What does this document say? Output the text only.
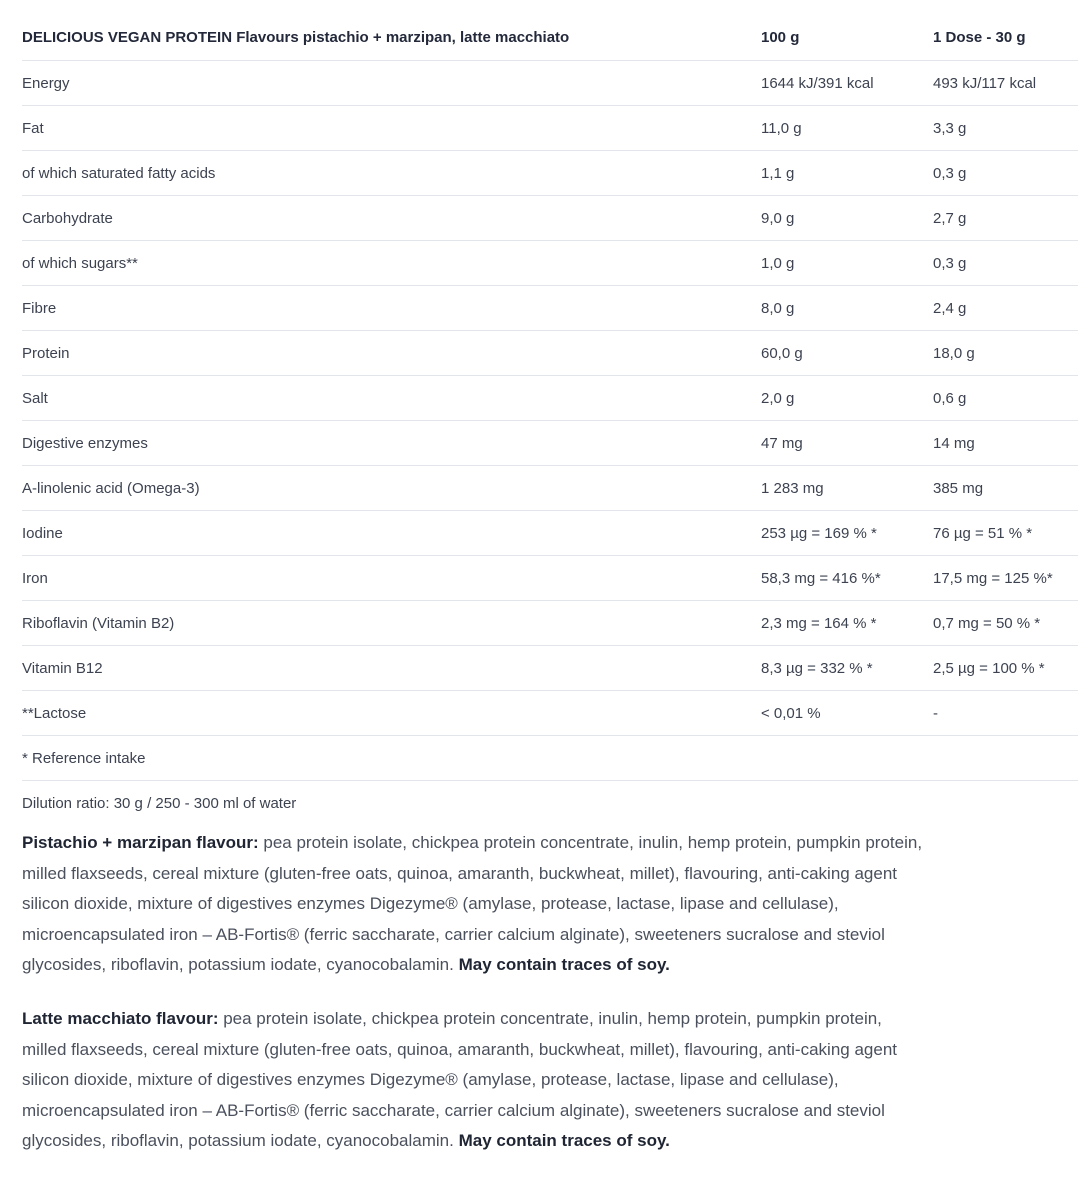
DELICIOUS VEGAN PROTEIN Flavours pistachio + marzipan, latte macchiato	100 g	1 Dose - 30 g
Energy	1644 kJ/391 kcal	493 kJ/117 kcal
Fat	11,0 g	3,3 g
of which saturated fatty acids	1,1 g	0,3 g
Carbohydrate	9,0 g	2,7 g
of which sugars**	1,0 g	0,3 g
Fibre	8,0 g	2,4 g
Protein	60,0 g	18,0 g
Salt	2,0 g	0,6 g
Digestive enzymes	47 mg	14 mg
A-linolenic acid (Omega-3)	1 283 mg	385 mg
Iodine	253 µg = 169 % *	76 µg = 51 % *
Iron	58,3 mg = 416 %*	17,5 mg = 125 %*
Riboflavin (Vitamin B2)	2,3 mg = 164 % *	0,7 mg = 50 % *
Vitamin B12	8,3 µg = 332 % *	2,5 µg = 100 % *
**Lactose	< 0,01 %	-
* Reference intake
Dilution ratio: 30 g / 250 - 300 ml of water
Pistachio + marzipan flavour: pea protein isolate, chickpea protein concentrate, inulin, hemp protein, pumpkin protein,
milled flaxseeds, cereal mixture (gluten-free oats, quinoa, amaranth, buckwheat, millet), flavouring, anti-caking agent
silicon dioxide, mixture of digestives enzymes Digezyme® (amylase, protease, lactase, lipase and cellulase),
microencapsulated iron – AB-Fortis® (ferric saccharate, carrier calcium alginate), sweeteners sucralose and steviol
glycosides, riboflavin, potassium iodate, cyanocobalamin. May contain traces of soy.
Latte macchiato flavour: pea protein isolate, chickpea protein concentrate, inulin, hemp protein, pumpkin protein,
milled flaxseeds, cereal mixture (gluten-free oats, quinoa, amaranth, buckwheat, millet), flavouring, anti-caking agent
silicon dioxide, mixture of digestives enzymes Digezyme® (amylase, protease, lactase, lipase and cellulase),
microencapsulated iron – AB-Fortis® (ferric saccharate, carrier calcium alginate), sweeteners sucralose and steviol
glycosides, riboflavin, potassium iodate, cyanocobalamin. May contain traces of soy.
